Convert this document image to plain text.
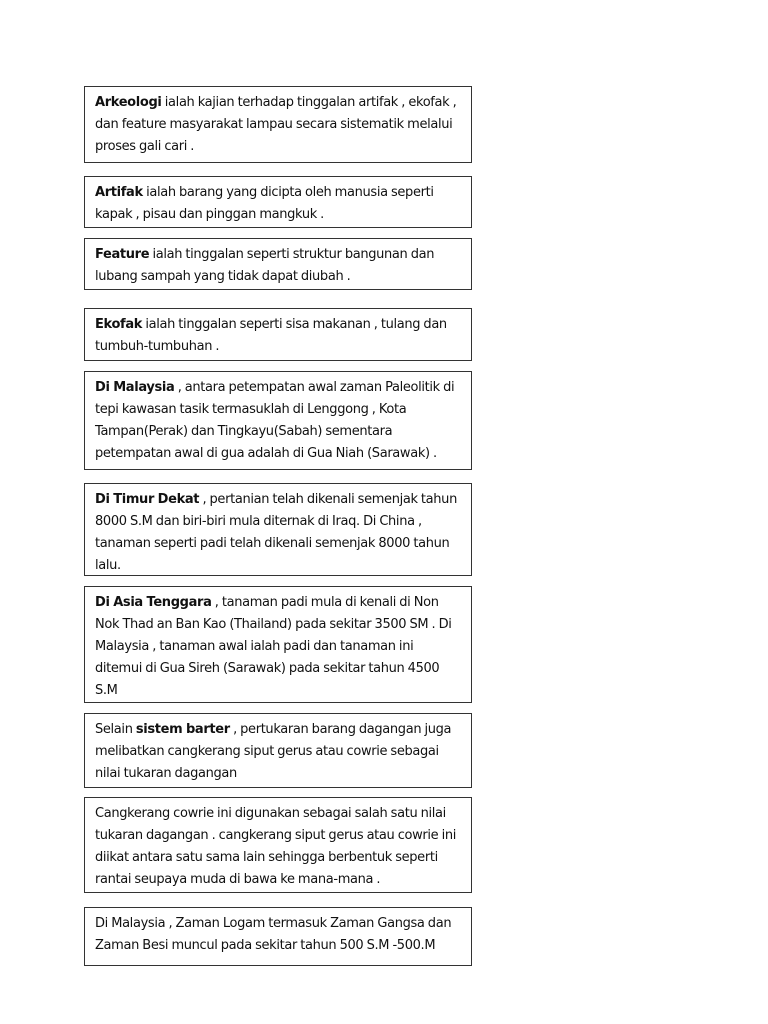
Arkeologi ialah kajian terhadap tinggalan artifak , ekofak , dan feature masyarakat lampau secara sistematik melalui proses gali cari .
Artifak ialah barang yang dicipta oleh manusia seperti kapak , pisau dan pinggan mangkuk .
Feature ialah tinggalan seperti struktur bangunan dan lubang sampah yang tidak dapat diubah .
Ekofak ialah tinggalan seperti sisa makanan , tulang dan tumbuh-tumbuhan .
Di Malaysia , antara petempatan awal zaman Paleolitik di tepi kawasan tasik termasuklah di Lenggong , Kota Tampan(Perak) dan Tingkayu(Sabah) sementara petempatan awal di gua adalah di Gua Niah (Sarawak) .
Di Timur Dekat , pertanian telah dikenali semenjak tahun 8000 S.M dan biri-biri mula diternak di Iraq. Di China , tanaman seperti padi telah dikenali semenjak 8000 tahun lalu.
Di Asia Tenggara , tanaman padi mula di kenali di Non Nok Thad an Ban Kao (Thailand) pada sekitar 3500 SM . Di Malaysia , tanaman awal ialah padi dan tanaman ini ditemui di Gua Sireh (Sarawak) pada sekitar tahun 4500 S.M
Selain sistem barter , pertukaran barang dagangan juga melibatkan cangkerang siput gerus atau cowrie sebagai nilai tukaran dagangan
Cangkerang cowrie ini digunakan sebagai salah satu nilai tukaran dagangan . cangkerang siput gerus atau cowrie ini diikat antara satu sama lain sehingga berbentuk seperti rantai seupaya muda di bawa ke mana-mana .
Di Malaysia , Zaman Logam termasuk Zaman Gangsa dan Zaman Besi muncul pada sekitar tahun 500 S.M -500.M
